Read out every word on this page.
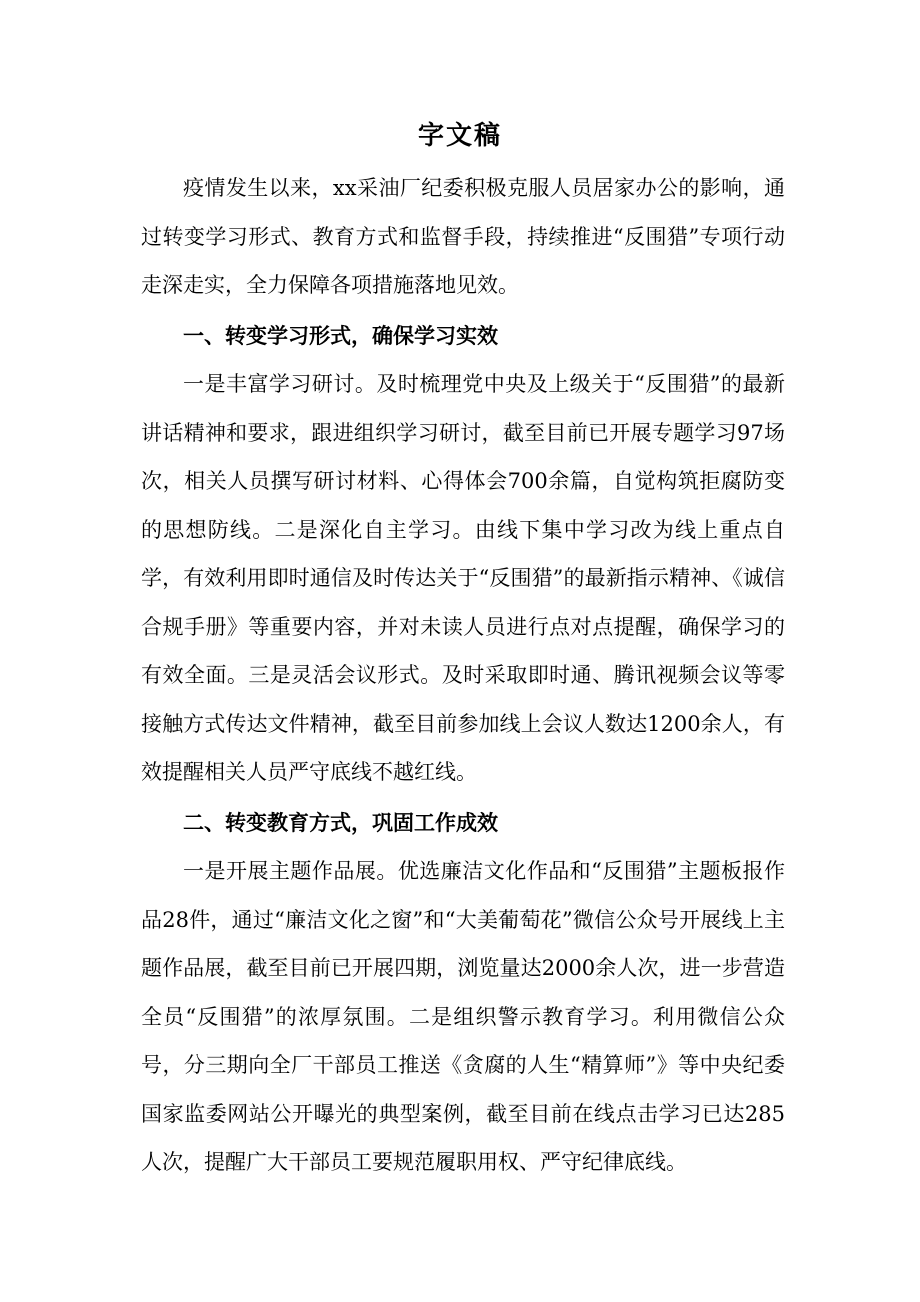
字文稿

疫情发生以来，xx采油厂纪委积极克服人员居家办公的影响，通过转变学习形式、教育方式和监督手段，持续推进“反围猎”专项行动走深走实，全力保障各项措施落地见效。

一、转变学习形式，确保学习实效

一是丰富学习研讨。及时梳理党中央及上级关于“反围猎”的最新讲话精神和要求，跟进组织学习研讨，截至目前已开展专题学习97场次，相关人员撰写研讨材料、心得体会700余篇，自觉构筑拒腐防变的思想防线。二是深化自主学习。由线下集中学习改为线上重点自学，有效利用即时通信及时传达关于“反围猎”的最新指示精神、《诚信合规手册》等重要内容，并对未读人员进行点对点提醒，确保学习的有效全面。三是灵活会议形式。及时采取即时通、腾讯视频会议等零接触方式传达文件精神，截至目前参加线上会议人数达1200余人，有效提醒相关人员严守底线不越红线。

二、转变教育方式，巩固工作成效

一是开展主题作品展。优选廉洁文化作品和“反围猎”主题板报作品28件，通过“廉洁文化之窗”和“大美葡萄花”微信公众号开展线上主题作品展，截至目前已开展四期，浏览量达2000余人次，进一步营造全员“反围猎”的浓厚氛围。二是组织警示教育学习。利用微信公众号，分三期向全厂干部员工推送《贪腐的人生“精算师”》等中央纪委国家监委网站公开曝光的典型案例，截至目前在线点击学习已达285人次，提醒广大干部员工要规范履职用权、严守纪律底线。
